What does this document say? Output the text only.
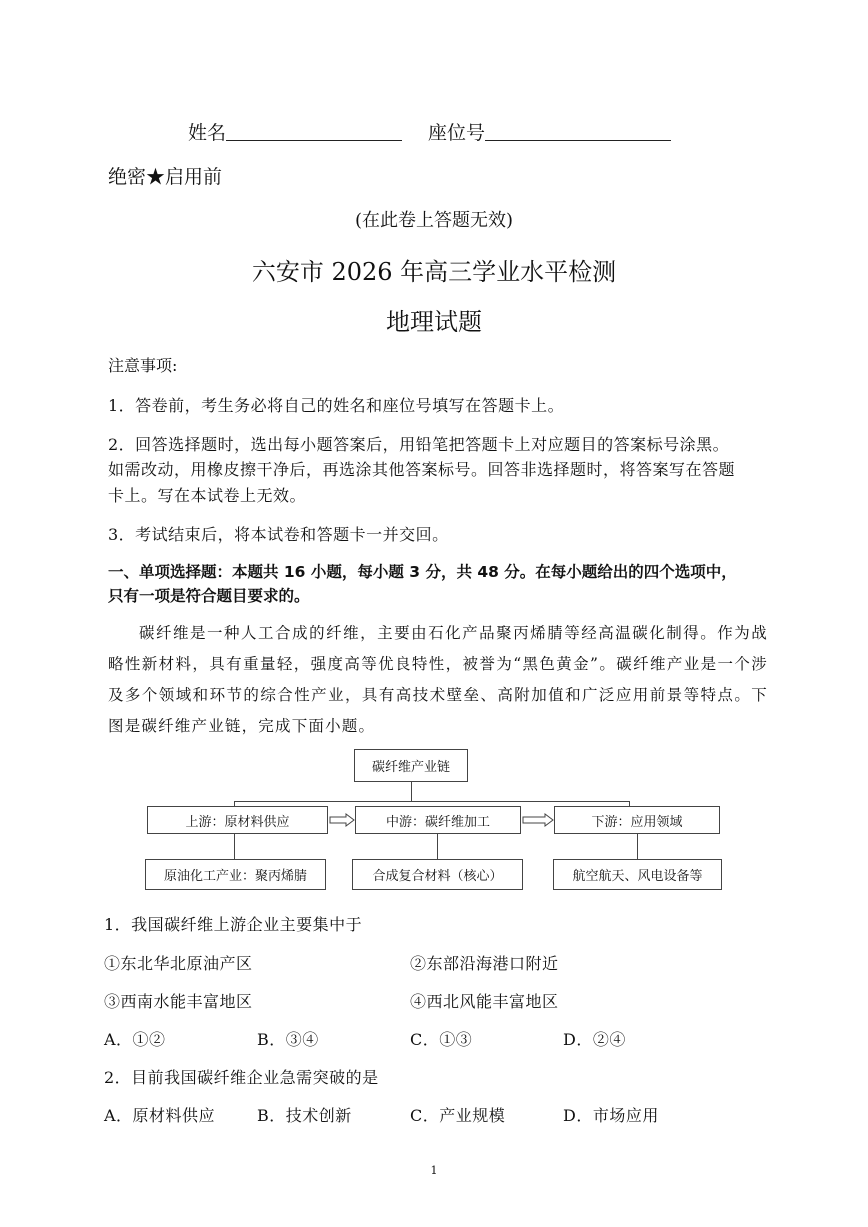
姓名	座位号
绝密★启用前
(在此卷上答题无效)
六安市 2026 年高三学业水平检测
地理试题
注意事项:
1．答卷前，考生务必将自己的姓名和座位号填写在答题卡上。
2．回答选择题时，选出每小题答案后，用铅笔把答题卡上对应题目的答案标号涂黑。
如需改动，用橡皮擦干净后，再选涂其他答案标号。回答非选择题时，将答案写在答题
卡上。写在本试卷上无效。
3．考试结束后，将本试卷和答题卡一并交回。
一、单项选择题：本题共 16 小题，每小题 3 分，共 48 分。在每小题给出的四个选项中，
只有一项是符合题目要求的。
碳纤维是一种人工合成的纤维，主要由石化产品聚丙烯腈等经高温碳化制得。作为战略性新材料，具有重量轻，强度高等优良特性，被誉为“黑色黄金”。碳纤维产业是一个涉及多个领域和环节的综合性产业，具有高技术壁垒、高附加值和广泛应用前景等特点。下图是碳纤维产业链，完成下面小题。
碳纤维产业链
上游：原材料供应	中游：碳纤维加工	下游：应用领域
原油化工产业：聚丙烯腈	合成复合材料（核心）	航空航天、风电设备等
1．我国碳纤维上游企业主要集中于
①东北华北原油产区	②东部沿海港口附近
③西南水能丰富地区	④西北风能丰富地区
A．①②	B．③④	C．①③	D．②④
2．目前我国碳纤维企业急需突破的是
A．原材料供应	B．技术创新	C．产业规模	D．市场应用
1
